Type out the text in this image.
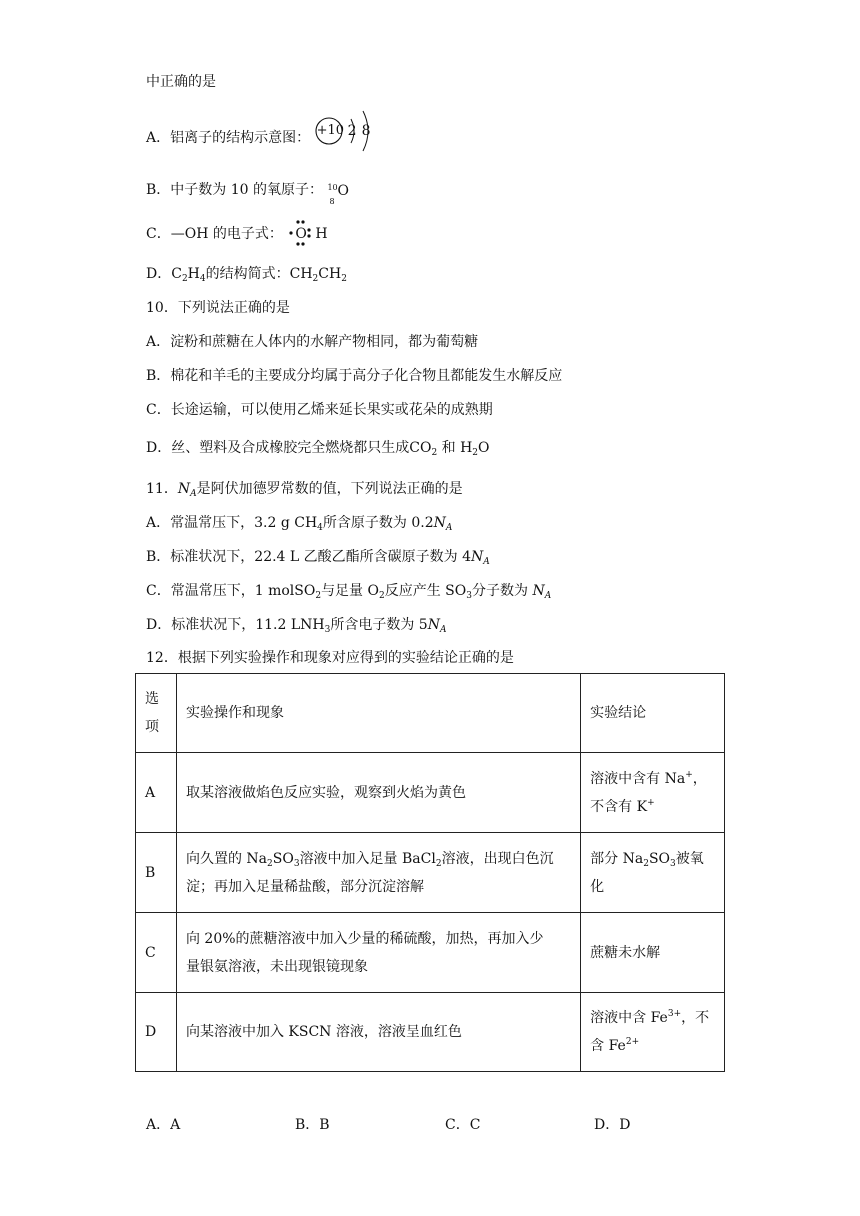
中正确的是
A．铝离子的结构示意图： +10 2 8
B．中子数为 10 的氧原子： 10
8
O
C．—OH 的电子式： O H
D．$C_2H_4$的结构简式：$CH_2CH_2$
10．下列说法正确的是
A．淀粉和蔗糖在人体内的水解产物相同，都为葡萄糖
B．棉花和羊毛的主要成分均属于高分子化合物且都能发生水解反应
C．长途运输，可以使用乙烯来延长果实或花朵的成熟期
D．丝、塑料及合成橡胶完全燃烧都只生成$CO_2$ 和 $H_2O$
11．$N_A$是阿伏加德罗常数的值，下列说法正确的是
A．常温常压下，3.2 g $CH_4$所含原子数为 $0.2N_A$
B．标准状况下，22.4 L 乙酸乙酯所含碳原子数为 $4N_A$
C．常温常压下，1 molSO$_2$与足量 $O_2$反应产生 $SO_3$分子数为 $N_A$
D．标准状况下，11.2 $LNH_3$所含电子数为 $5N_A$
12．根据下列实验操作和现象对应得到的实验结论正确的是
选
项	实验操作和现象	实验结论
A	取某溶液做焰色反应实验，观察到火焰为黄色	溶液中含有 Na+，
不含有 K+
B	向久置的 $Na_2SO_3$溶液中加入足量 BaCl$_2$溶液，出现白色沉
淀；再加入足量稀盐酸，部分沉淀溶解	部分 $Na_2SO_3$被氧
化
C	向 20%的蔗糖溶液中加入少量的稀硫酸，加热，再加入少
量银氨溶液，未出现银镜现象	蔗糖未水解
D	向某溶液中加入 KSCN 溶液，溶液呈血红色	溶液中含 $Fe^{3+}$，不
含 $Fe^{2+}$
A．A	B．B	C．C	D．D
